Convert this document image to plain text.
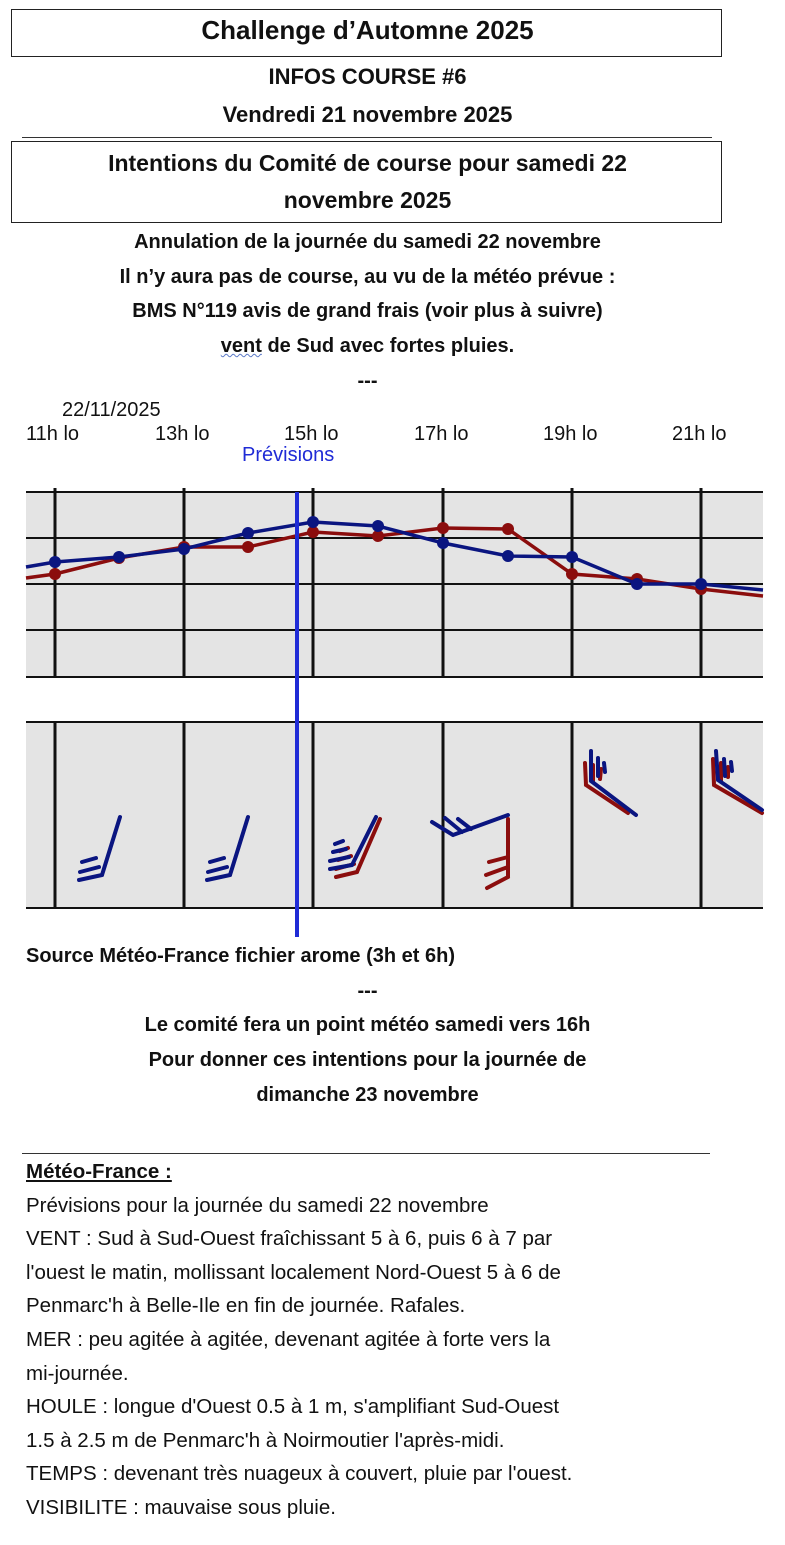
Challenge d’Automne 2025
INFOS COURSE #6
Vendredi 21 novembre 2025
Intentions du Comité de course pour samedi 22
novembre 2025
Annulation de la journée du samedi 22 novembre
Il n’y aura pas de course, au vu de la météo prévue :
BMS N°119 avis de grand frais (voir plus à suivre)
vent de Sud avec fortes pluies.
---
22/11/2025
11h lo	13h lo	15h lo	17h lo	19h lo	21h lo
Prévisions
Source Météo-France fichier arome (3h et 6h)
---
Le comité fera un point météo samedi vers 16h
Pour donner ces intentions pour la journée de
dimanche 23 novembre
Météo-France :
Prévisions pour la journée du samedi 22 novembre
VENT : Sud à Sud-Ouest fraîchissant 5 à 6, puis 6 à 7 par
l'ouest le matin, mollissant localement Nord-Ouest 5 à 6 de
Penmarc'h à Belle-Ile en fin de journée. Rafales.
MER : peu agitée à agitée, devenant agitée à forte vers la
mi-journée.
HOULE : longue d'Ouest 0.5 à 1 m, s'amplifiant Sud-Ouest
1.5 à 2.5 m de Penmarc'h à Noirmoutier l'après-midi.
TEMPS : devenant très nuageux à couvert, pluie par l'ouest.
VISIBILITE : mauvaise sous pluie.
